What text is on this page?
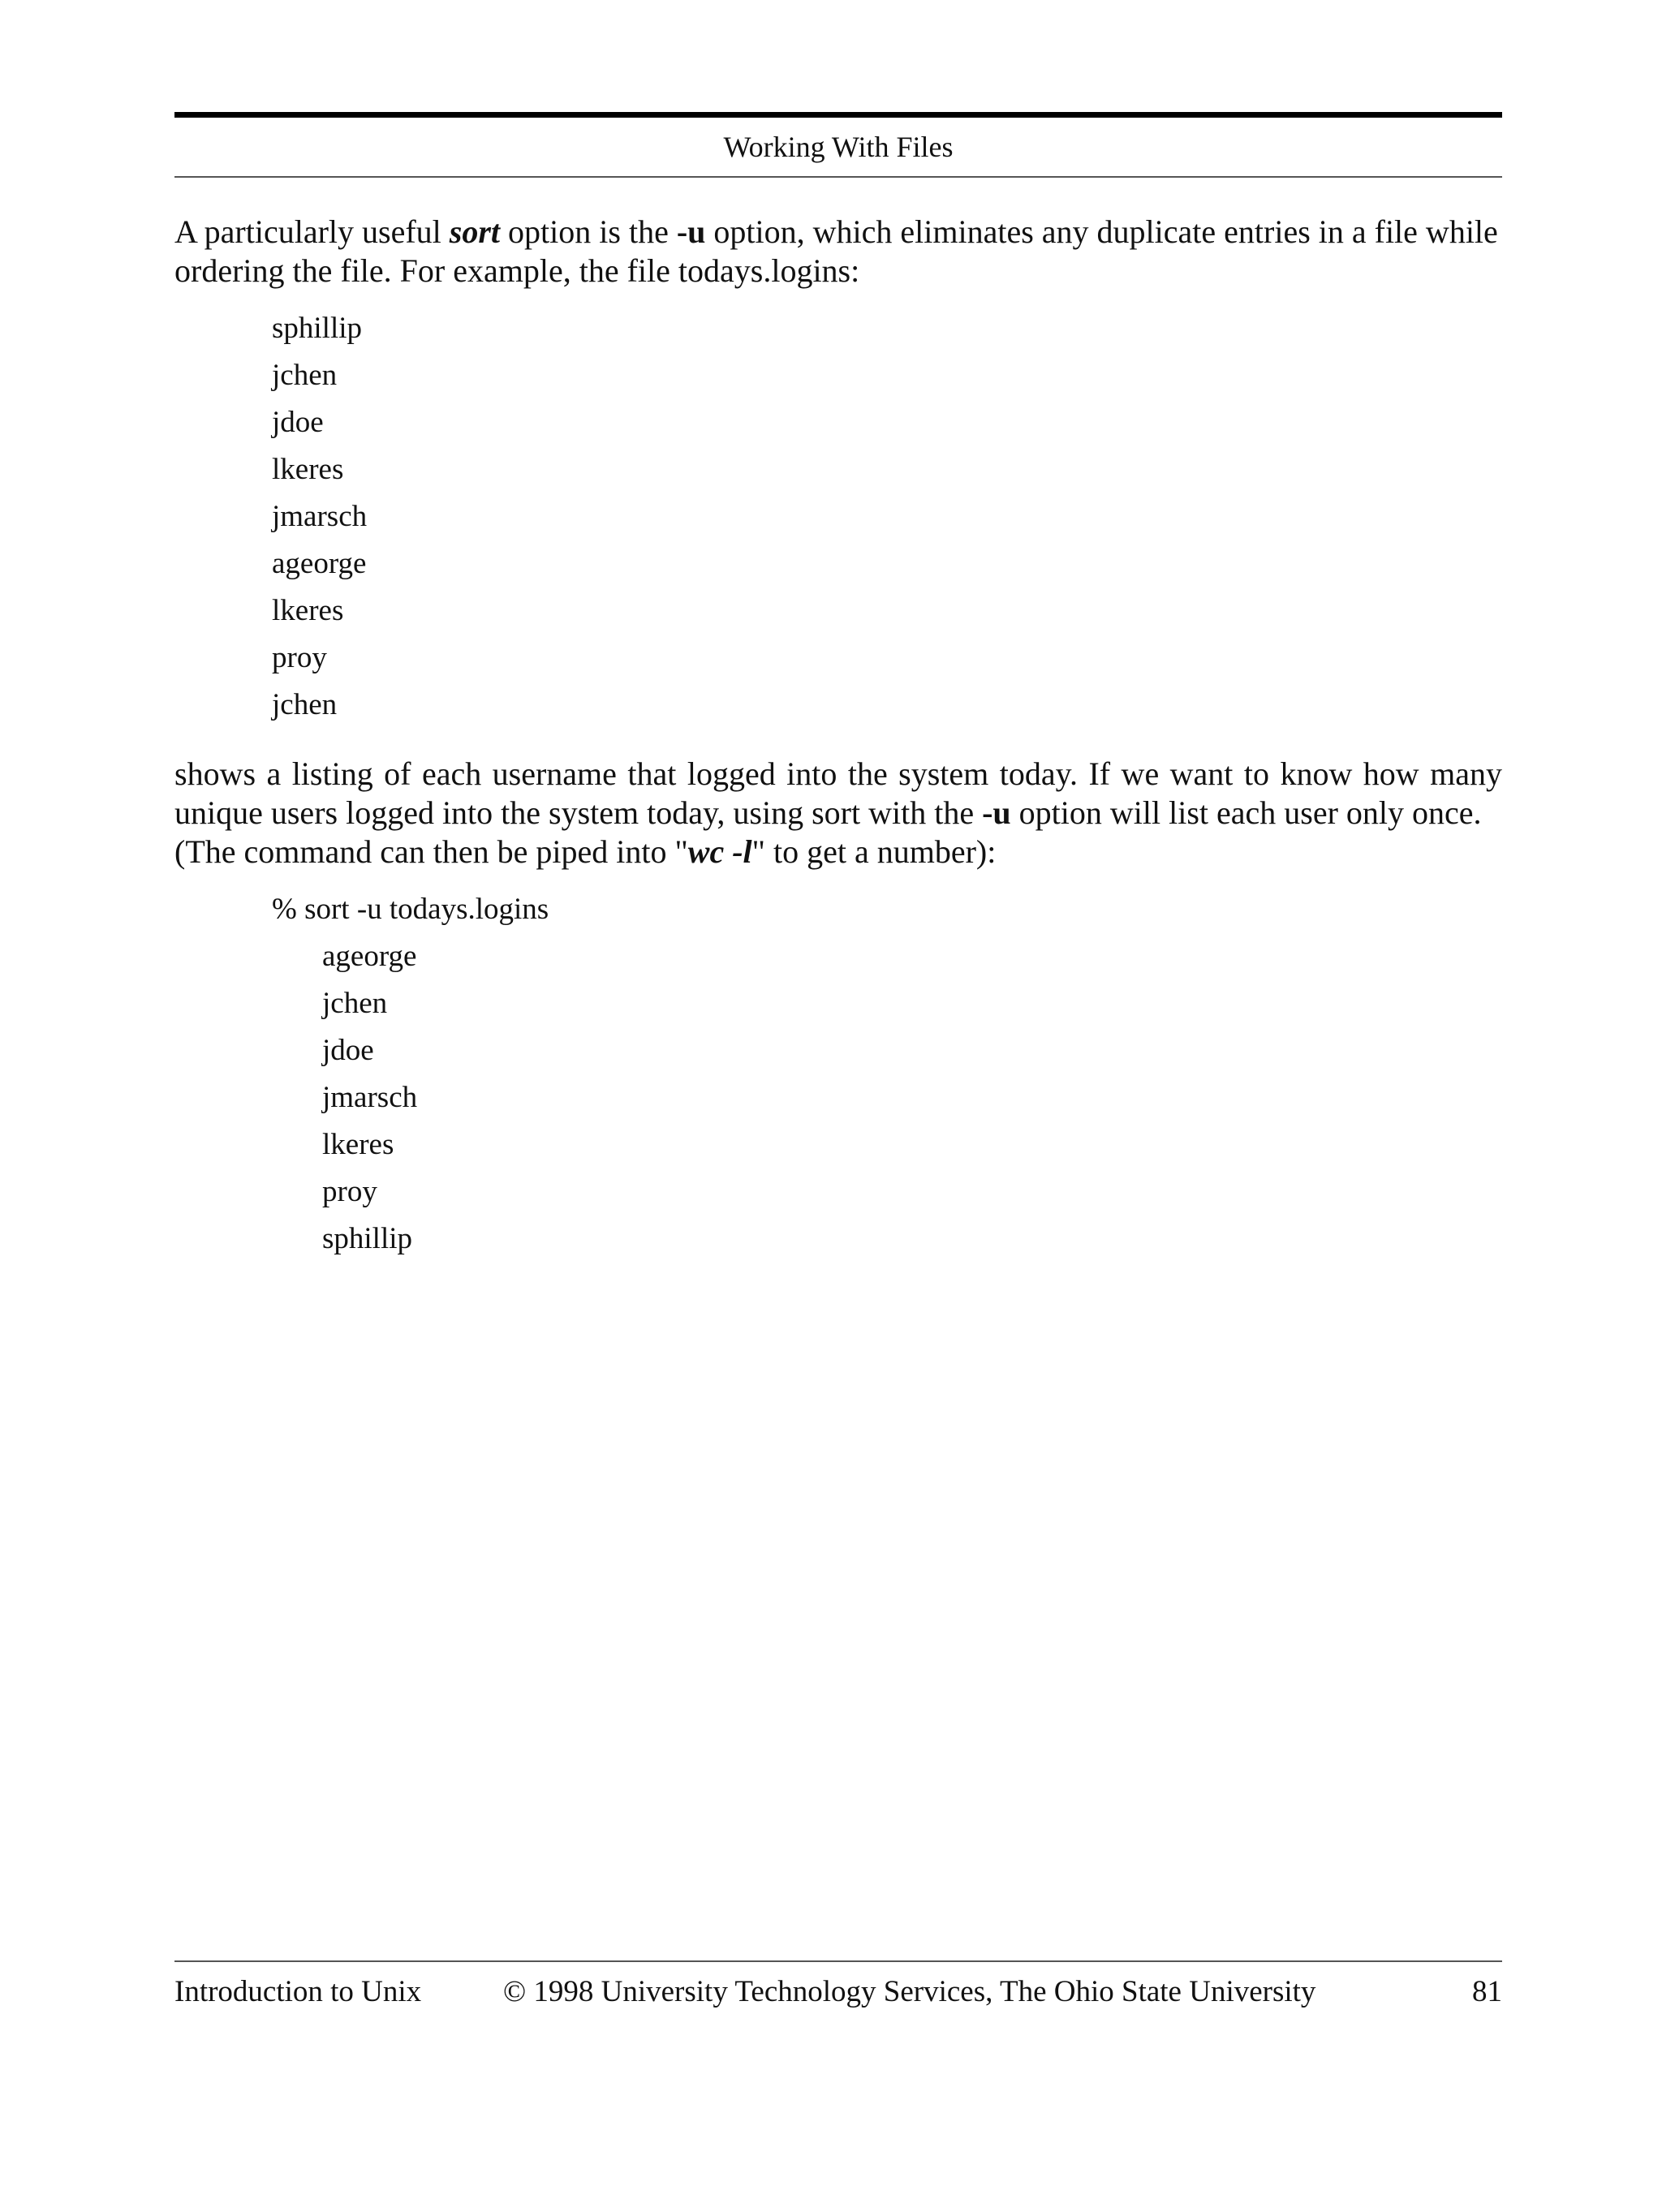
Working With Files
A particularly useful sort option is the -u option, which eliminates any duplicate entries in a file while
ordering the file. For example, the file todays.logins:
sphillip
jchen
jdoe
lkeres
jmarsch
ageorge
lkeres
proy
jchen
shows a listing of each username that logged into the system today. If we want to know how many unique users logged into the system today, using sort with the -u option will list each user only once.
(The command can then be piped into "wc -l" to get a number):
% sort -u todays.logins
ageorge
jchen
jdoe
jmarsch
lkeres
proy
sphillip
Introduction to Unix	© 1998 University Technology Services, The Ohio State University	81
